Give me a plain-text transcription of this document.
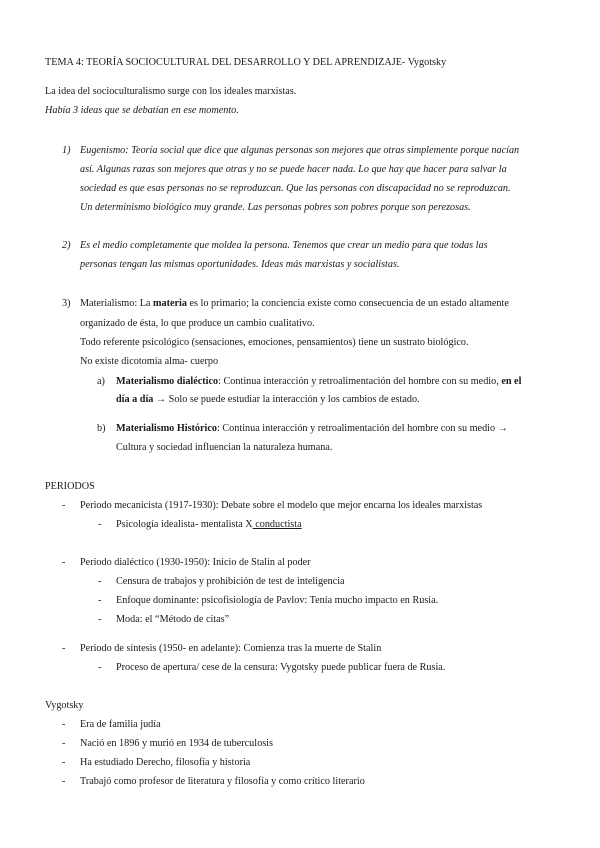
TEMA 4: TEORÍA SOCIOCULTURAL DEL DESARROLLO Y DEL APRENDIZAJE- Vygotsky
La idea del socioculturalismo surge con los ideales marxistas.
Había 3 ideas que se debatían en ese momento.
1) Eugenismo: Teoría social que dice que algunas personas son mejores que otras simplemente porque nacían
así. Algunas razas son mejores que otras y no se puede hacer nada. Lo que hay que hacer para salvar la
sociedad es que esas personas no se reproduzcan. Que las personas con discapacidad no se reproduzcan.
Un determinismo biológico muy grande. Las personas pobres son pobres porque son perezosas.
2) Es el medio completamente que moldea la persona. Tenemos que crear un medio para que todas las
personas tengan las mismas oportunidades. Ideas más marxistas y socialistas.
3) Materialismo: La materia es lo primario; la conciencia existe como consecuencia de un estado altamente
organizado de ésta, lo que produce un cambio cualitativo.
Todo referente psicológico (sensaciones, emociones, pensamientos) tiene un sustrato biológico.
No existe dicotomía alma- cuerpo
a) Materialismo dialéctico: Continua interacción y retroalimentación del hombre con su medio, en el
día a día → Solo se puede estudiar la interacción y los cambios de estado.
b) Materialismo Histórico: Continua interacción y retroalimentación del hombre con su medio →
Cultura y sociedad influencian la naturaleza humana.
PERIODOS
- Periodo mecanicista (1917-1930): Debate sobre el modelo que mejor encarna los ideales marxistas
- Psicología idealista- mentalista X conductista
- Periodo dialéctico (1930-1950): Inicio de Stalin al poder
- Censura de trabajos y prohibición de test de inteligencia
- Enfoque dominante: psicofisiología de Pavlov: Tenía mucho impacto en Rusia.
- Moda: el “Método de citas”
- Periodo de síntesis (1950- en adelante): Comienza tras la muerte de Stalin
- Proceso de apertura/ cese de la censura: Vygotsky puede publicar fuera de Rusia.
Vygotsky
- Era de familia judía
- Nació en 1896 y murió en 1934 de tuberculosis
- Ha estudiado Derecho, filosofía y historia
- Trabajó como profesor de literatura y filosofía y como crítico literario
